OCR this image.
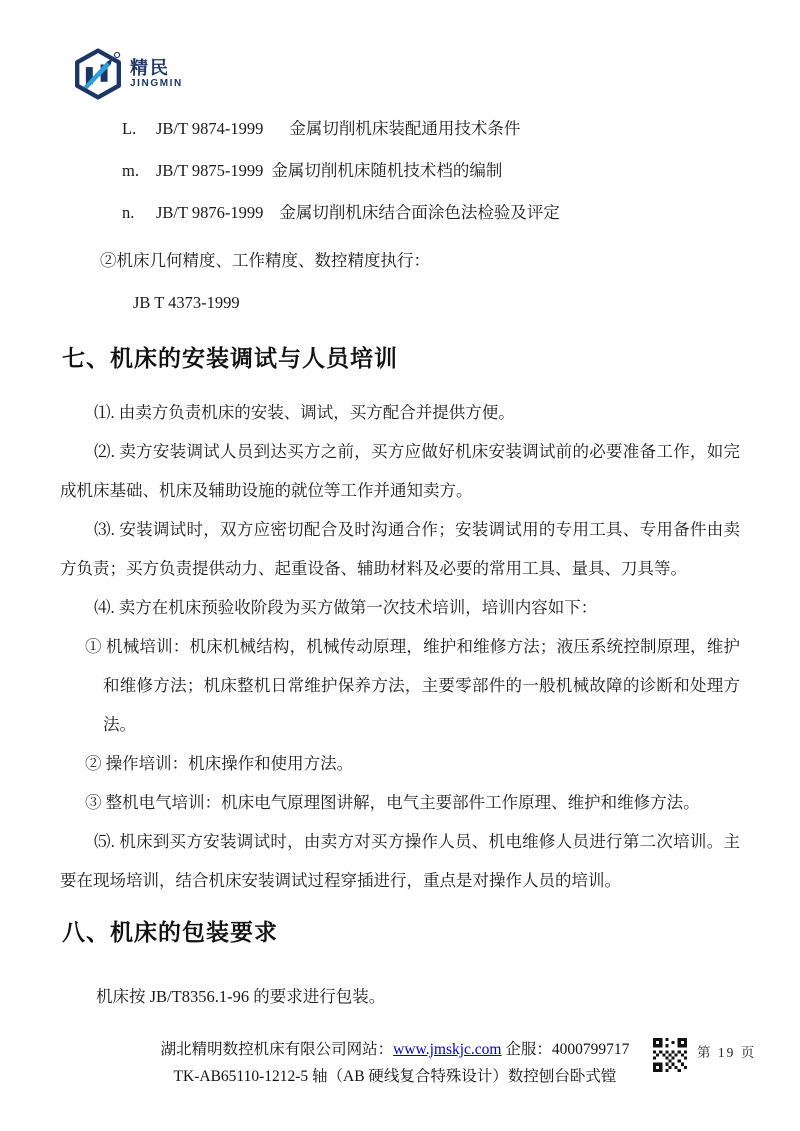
精民
JINGMIN
L. JB/T 9874-1999 金属切削机床装配通用技术条件
m. JB/T 9875-1999 金属切削机床随机技术档的编制
n. JB/T 9876-1999 金属切削机床结合面涂色法检验及评定
②机床几何精度、工作精度、数控精度执行：
JB T 4373-1999
七、机床的安装调试与人员培训
⑴. 由卖方负责机床的安装、调试，买方配合并提供方便。
⑵. 卖方安装调试人员到达买方之前，买方应做好机床安装调试前的必要准备工作，如完成机床基础、机床及辅助设施的就位等工作并通知卖方。
⑶. 安装调试时，双方应密切配合及时沟通合作；安装调试用的专用工具、专用备件由卖方负责；买方负责提供动力、起重设备、辅助材料及必要的常用工具、量具、刀具等。
⑷. 卖方在机床预验收阶段为买方做第一次技术培训，培训内容如下：
① 机械培训：机床机械结构，机械传动原理，维护和维修方法；液压系统控制原理，维护和维修方法；机床整机日常维护保养方法，主要零部件的一般机械故障的诊断和处理方法。
② 操作培训：机床操作和使用方法。
③ 整机电气培训：机床电气原理图讲解，电气主要部件工作原理、维护和维修方法。
⑸. 机床到买方安装调试时，由卖方对买方操作人员、机电维修人员进行第二次培训。主要在现场培训，结合机床安装调试过程穿插进行，重点是对操作人员的培训。
八、机床的包装要求
机床按 JB/T8356.1-96 的要求进行包装。
湖北精明数控机床有限公司网站：www.jmskjc.com 企服：4000799717
TK-AB65110-1212-5 轴（AB 硬线复合特殊设计）数控刨台卧式镗
第 19 页
